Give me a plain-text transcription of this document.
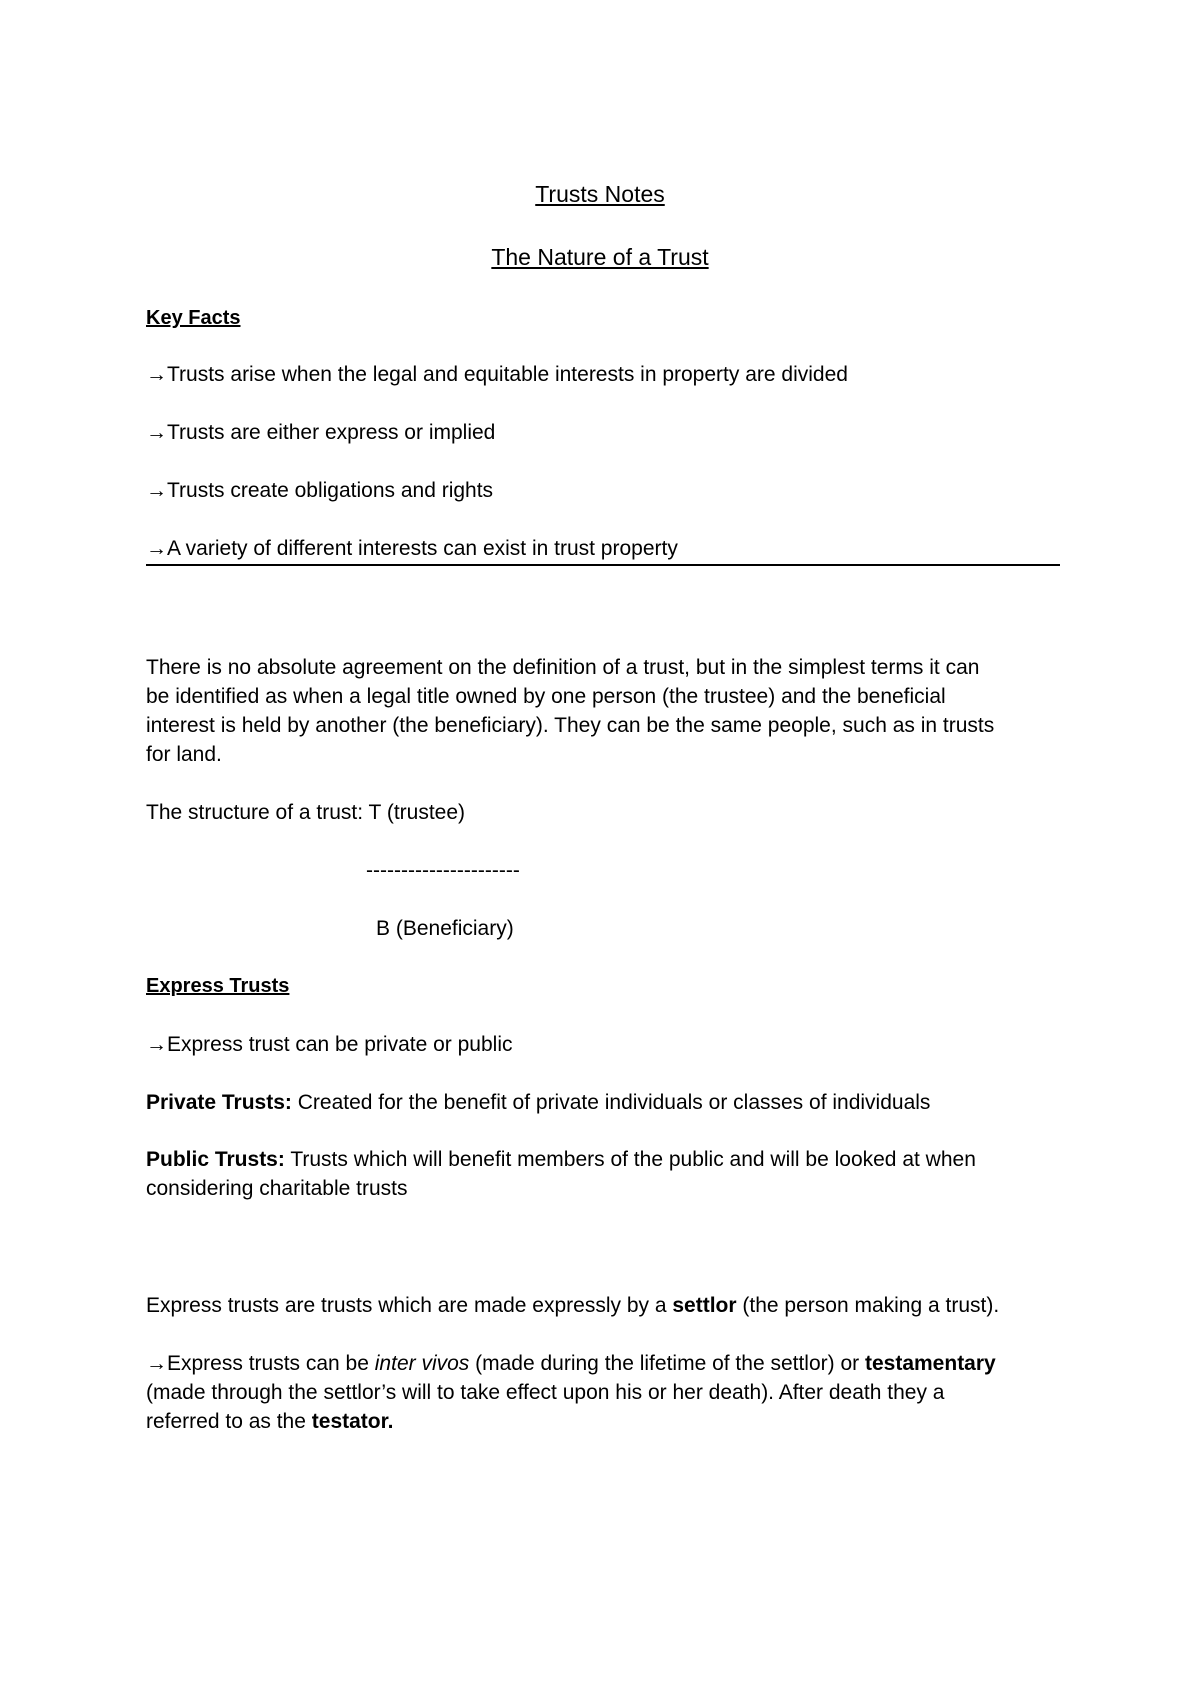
Trusts Notes
The Nature of a Trust
Key Facts
→Trusts arise when the legal and equitable interests in property are divided
→Trusts are either express or implied
→Trusts create obligations and rights
→A variety of different interests can exist in trust property
There is no absolute agreement on the definition of a trust, but in the simplest terms it can
be identified as when a legal title owned by one person (the trustee) and the beneficial
interest is held by another (the beneficiary). They can be the same people, such as in trusts
for land.
The structure of a trust: T (trustee)
----------------------
B (Beneficiary)
Express Trusts
→Express trust can be private or public
Private Trusts: Created for the benefit of private individuals or classes of individuals
Public Trusts: Trusts which will benefit members of the public and will be looked at when
considering charitable trusts
Express trusts are trusts which are made expressly by a settlor (the person making a trust).
→Express trusts can be inter vivos (made during the lifetime of the settlor) or testamentary
(made through the settlor’s will to take effect upon his or her death). After death they a
referred to as the testator.
